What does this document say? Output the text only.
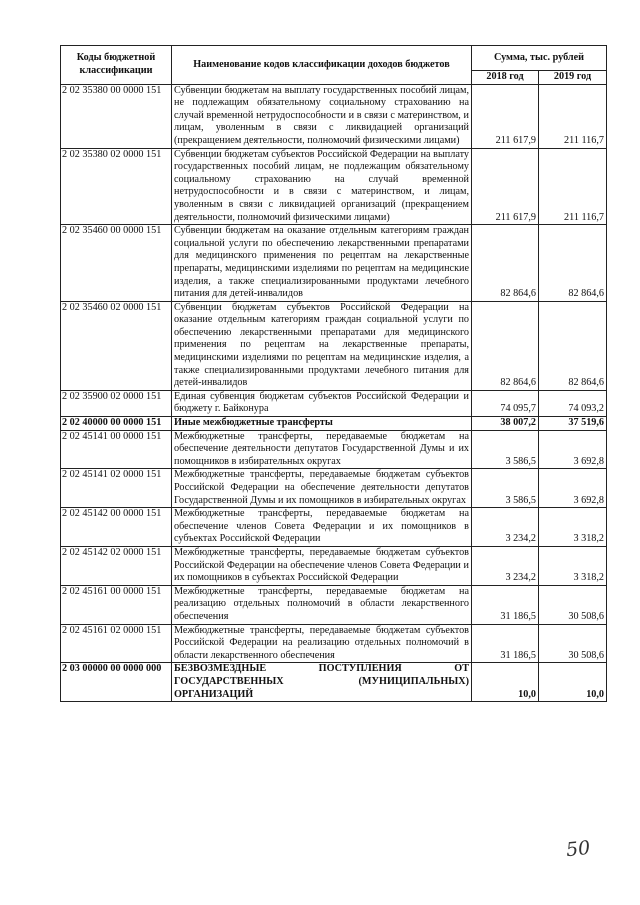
Коды бюджетной классификации	Наименование кодов классификации доходов бюджетов	Сумма, тыс. рублей	
		2018 год	2019 год
2 02 35380 00 0000 151	Субвенции бюджетам на выплату государственных пособий лицам, не подлежащим обязательному социальному страхованию на случай временной нетрудоспособности и в связи с материнством, и лицам, уволенным в связи с ликвидацией организаций (прекращением деятельности, полномочий физическими лицами)	211 617,9	211 116,7
2 02 35380 02 0000 151	Субвенции бюджетам субъектов Российской Федерации на выплату государственных пособий лицам, не подлежащим обязательному социальному страхованию на случай временной нетрудоспособности и в связи с материнством, и лицам, уволенным в связи с ликвидацией организаций (прекращением деятельности, полномочий физическими лицами)	211 617,9	211 116,7
2 02 35460 00 0000 151	Субвенции бюджетам на оказание отдельным категориям граждан социальной услуги по обеспечению лекарственными препаратами для медицинского применения по рецептам на лекарственные препараты, медицинскими изделиями по рецептам на медицинские изделия, а также специализированными продуктами лечебного питания для детей-инвалидов	82 864,6	82 864,6
2 02 35460 02 0000 151	Субвенции бюджетам субъектов Российской Федерации на оказание отдельным категориям граждан социальной услуги по обеспечению лекарственными препаратами для медицинского применения по рецептам на лекарственные препараты, медицинскими изделиями по рецептам на медицинские изделия, а также специализированными продуктами лечебного питания для детей-инвалидов	82 864,6	82 864,6
2 02 35900 02 0000 151	Единая субвенция бюджетам субъектов Российской Федерации и бюджету г. Байконура	74 095,7	74 093,2
2 02 40000 00 0000 151	Иные межбюджетные трансферты	38 007,2	37 519,6
2 02 45141 00 0000 151	Межбюджетные трансферты, передаваемые бюджетам на обеспечение деятельности депутатов Государственной Думы и их помощников в избирательных округах	3 586,5	3 692,8
2 02 45141 02 0000 151	Межбюджетные трансферты, передаваемые бюджетам субъектов Российской Федерации на обеспечение деятельности депутатов Государственной Думы и их помощников в избирательных округах	3 586,5	3 692,8
2 02 45142 00 0000 151	Межбюджетные трансферты, передаваемые бюджетам на обеспечение членов Совета Федерации и их помощников в субъектах Российской Федерации	3 234,2	3 318,2
2 02 45142 02 0000 151	Межбюджетные трансферты, передаваемые бюджетам субъектов Российской Федерации на обеспечение членов Совета Федерации и их помощников в субъектах Российской Федерации	3 234,2	3 318,2
2 02 45161 00 0000 151	Межбюджетные трансферты, передаваемые бюджетам на реализацию отдельных полномочий в области лекарственного обеспечения	31 186,5	30 508,6
2 02 45161 02 0000 151	Межбюджетные трансферты, передаваемые бюджетам субъектов Российской Федерации на реализацию отдельных полномочий в области лекарственного обеспечения	31 186,5	30 508,6
2 03 00000 00 0000 000	БЕЗВОЗМЕЗДНЫЕ ПОСТУПЛЕНИЯ ОТ ГОСУДАРСТВЕННЫХ (МУНИЦИПАЛЬНЫХ) ОРГАНИЗАЦИЙ	10,0	10,0
50
